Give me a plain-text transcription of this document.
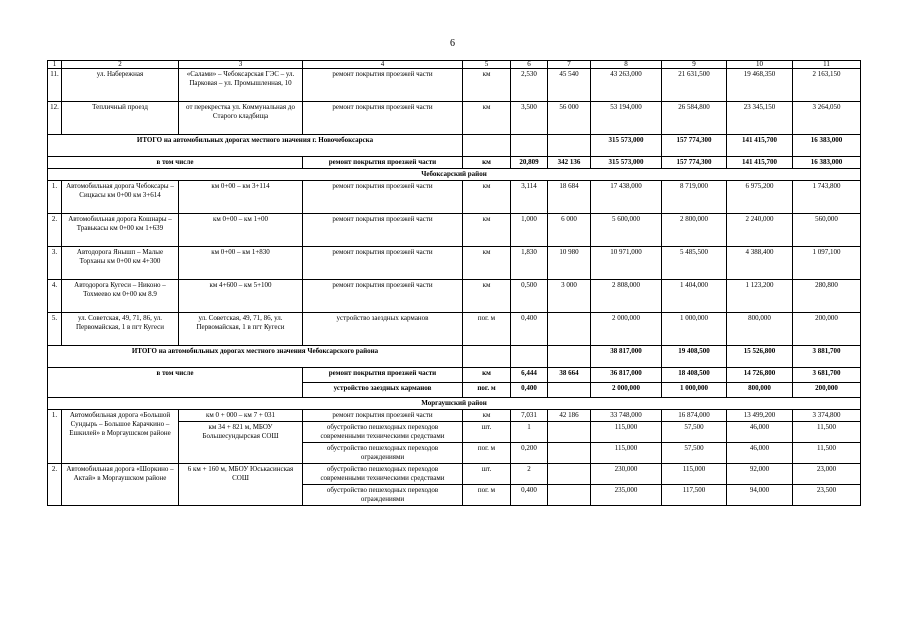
6
1	2	3	4	5	6	7	8	9	10	11
11.	ул. Набережная	«Салами» – Чебоксарская ГЭС – ул. Парковая – ул. Промышленная, 10	ремонт покрытия проезжей части	км	2,530	45 540	43 263,000	21 631,500	19 468,350	2 163,150
12.	Тепличный проезд	от перекрестка ул. Коммунальная до Старого кладбища	ремонт покрытия проезжей части	км	3,500	56 000	53 194,000	26 584,800	23 345,150	3 264,050
ИТОГО на автомобильных дорогах местного значения г. Новочебоксарска							315 573,000	157 774,300	141 415,700	16 383,000
в том числе			ремонт покрытия проезжей части	км	20,809	342 136	315 573,000	157 774,300	141 415,700	16 383,000
Чебоксарский район										
1.	Автомобильная дорога Чебоксары – Сицкасы км 0+00 км 3+614	км 0+00 – км 3+114	ремонт покрытия проезжей части	км	3,114	18 684	17 438,000	8 719,000	6 975,200	1 743,800
2.	Автомобильная дорога Кошнары – Травькасы км 0+00 км 1+639	км 0+00 – км 1+00	ремонт покрытия проезжей части	км	1,000	6 000	5 600,000	2 800,000	2 240,000	560,000
3.	Автодорога Янышп – Малые Торханы км 0+00 км 4+300	км 0+00 – км 1+830	ремонт покрытия проезжей части	км	1,830	10 980	10 971,000	5 485,500	4 388,400	1 097,100
4.	Автодорога Кугеси – Никоно – Тохмеево км 0+00 км 8.9	км 4+600 – км 5+100	ремонт покрытия проезжей части	км	0,500	3 000	2 808,000	1 404,000	1 123,200	280,800
5.	ул. Советская, 49, 71, 86, ул. Первомайская, 1 в пгт Кугеси	ул. Советская, 49, 71, 86, ул. Первомайская, 1 в пгт Кугеси	устройство заездных карманов	пог. м	0,400		2 000,000	1 000,000	800,000	200,000
ИТОГО на автомобильных дорогах местного значения Чебоксарского района							38 817,000	19 408,500	15 526,800	3 881,700
в том числе			ремонт покрытия проезжей части	км	6,444	38 664	36 817,000	18 408,500	14 726,800	3 681,700
			устройство заездных карманов	пог. м	0,400		2 000,000	1 000,000	800,000	200,000
Моргаушский район										
1.	Автомобильная дорога «Большой Сундырь – Большое Карачкино – Ешкилей» в Моргаушском районе	км 0 + 000 – км 7 + 031	ремонт покрытия проезжей части	км	7,031	42 186	33 748,000	16 874,000	13 499,200	3 374,800
		км 34 + 821 м, МБОУ Большесундырская СОШ	обустройство пешеходных переходов современными техническими средствами	шт.	1		115,000	57,500	46,000	11,500
			обустройство пешеходных переходов ограждениями	пог. м	0,200		115,000	57,500	46,000	11,500
2.	Автомобильная дорога «Шоркино – Актай» в Моргаушском районе	6 км + 160 м, МБОУ Юськасинская СОШ	обустройство пешеходных переходов современными техническими средствами	шт.	2		230,000	115,000	92,000	23,000
			обустройство пешеходных переходов ограждениями	пог. м	0,400		235,000	117,500	94,000	23,500
